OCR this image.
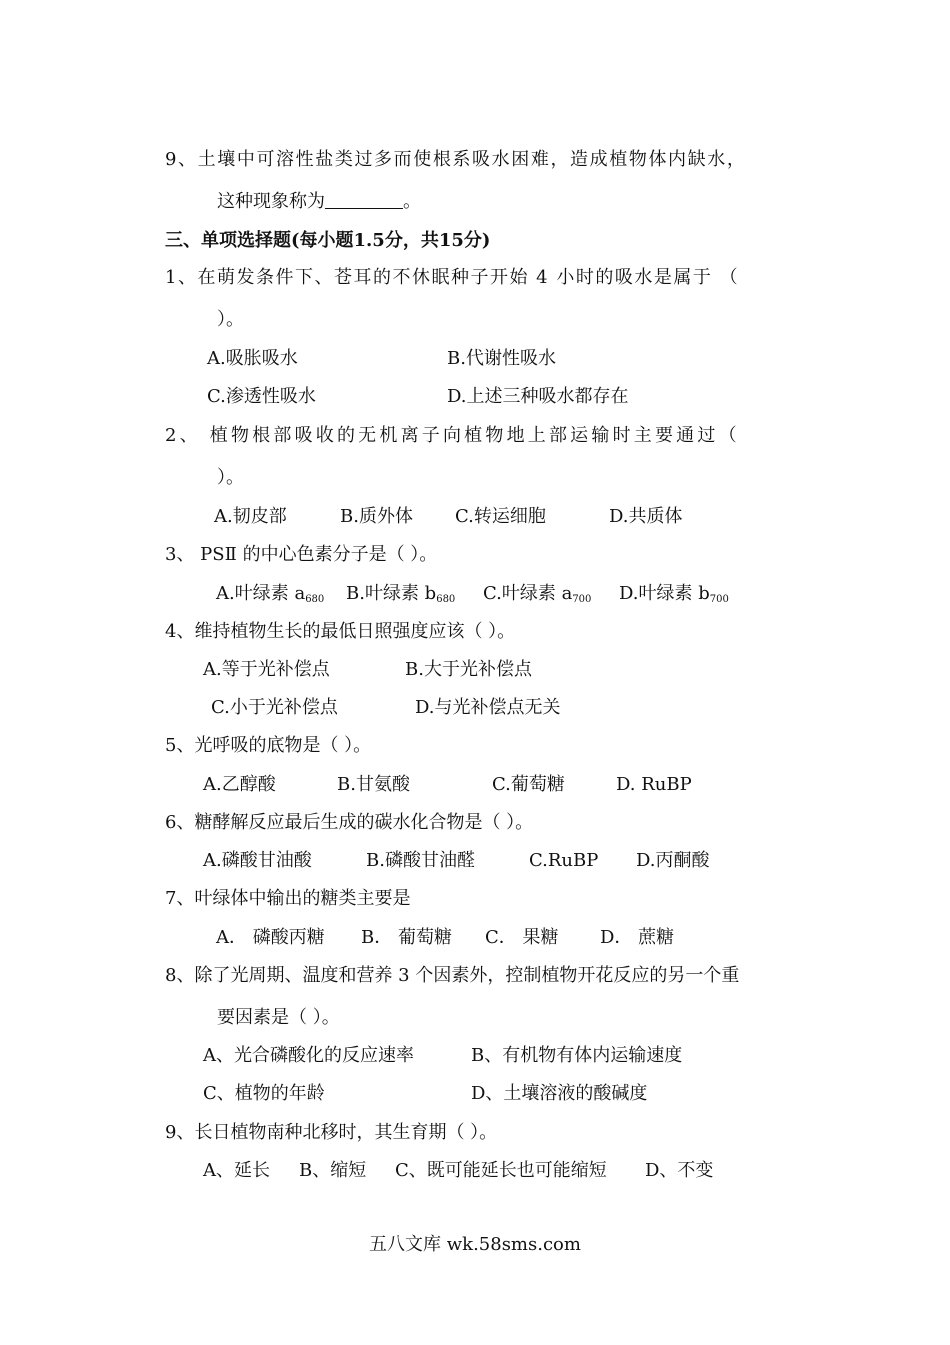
9、土壤中可溶性盐类过多而使根系吸水困难，造成植物体内缺水，
这种现象称为	。
三、单项选择题(每小题1.5分，共15分)
1、在萌发条件下、苍耳的不休眠种子开始 4 小时的吸水是属于 （
）。
A.吸胀吸水	B.代谢性吸水
C.渗透性吸水	D.上述三种吸水都存在
2、 植物根部吸收的无机离子向植物地上部运输时主要通过（
）。
A.韧皮部	B.质外体 C.转运细胞	D.共质体
3、 PSⅡ 的中心色素分子是（ ）。
A.叶绿素 $a_{680}$ B.叶绿素 $b_{680}$ C.叶绿素 $a_{700}$ D.叶绿素 $b_{700}$
4、维持植物生长的最低日照强度应该（ ）。
A.等于光补偿点	B.大于光补偿点
C.小于光补偿点	D.与光补偿点无关
5、光呼吸的底物是（ ）。
A.乙醇酸	B.甘氨酸	C.葡萄糖	D. RuBP
6、糖酵解反应最后生成的碳水化合物是（ ）。
A.磷酸甘油酸	B.磷酸甘油醛	C.RuBP D.丙酮酸
7、叶绿体中输出的糖类主要是
A． 磷酸丙糖 B． 葡萄糖 C． 果糖 D． 蔗糖
8、除了光周期、温度和营养 3 个因素外，控制植物开花反应的另一个重
要因素是（ ）。
A、光合磷酸化的反应速率	B、有机物有体内运输速度
C、植物的年龄	D、土壤溶液的酸碱度
9、长日植物南种北移时，其生育期（ ）。
A、延长 B、缩短 C、既可能延长也可能缩短 D、不变
五八文库 wk.58sms.com
